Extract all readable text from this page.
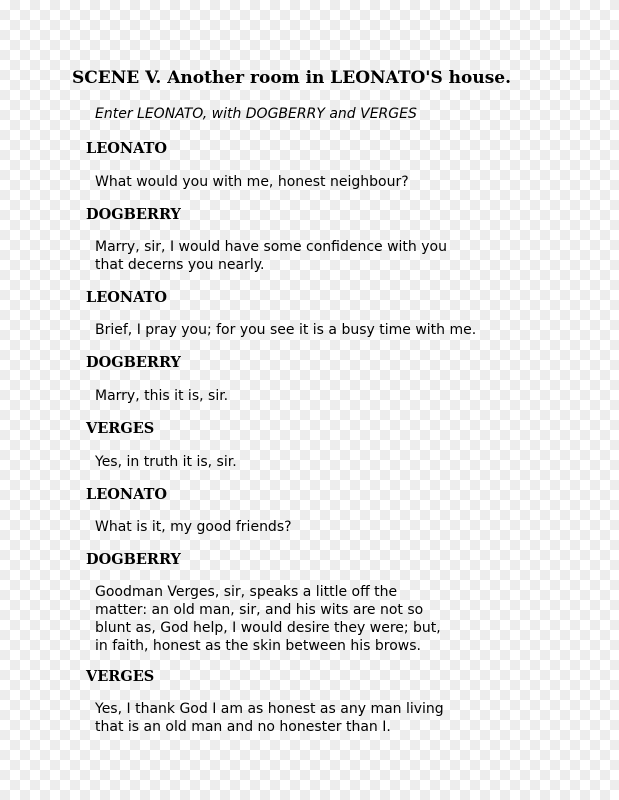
SCENE V. Another room in LEONATO'S house.

Enter LEONATO, with DOGBERRY and VERGES

LEONATO
What would you with me, honest neighbour?
DOGBERRY
Marry, sir, I would have some confidence with you
that decerns you nearly.
LEONATO
Brief, I pray you; for you see it is a busy time with me.
DOGBERRY
Marry, this it is, sir.
VERGES
Yes, in truth it is, sir.
LEONATO
What is it, my good friends?
DOGBERRY
Goodman Verges, sir, speaks a little off the
matter: an old man, sir, and his wits are not so
blunt as, God help, I would desire they were; but,
in faith, honest as the skin between his brows.
VERGES
Yes, I thank God I am as honest as any man living
that is an old man and no honester than I.
